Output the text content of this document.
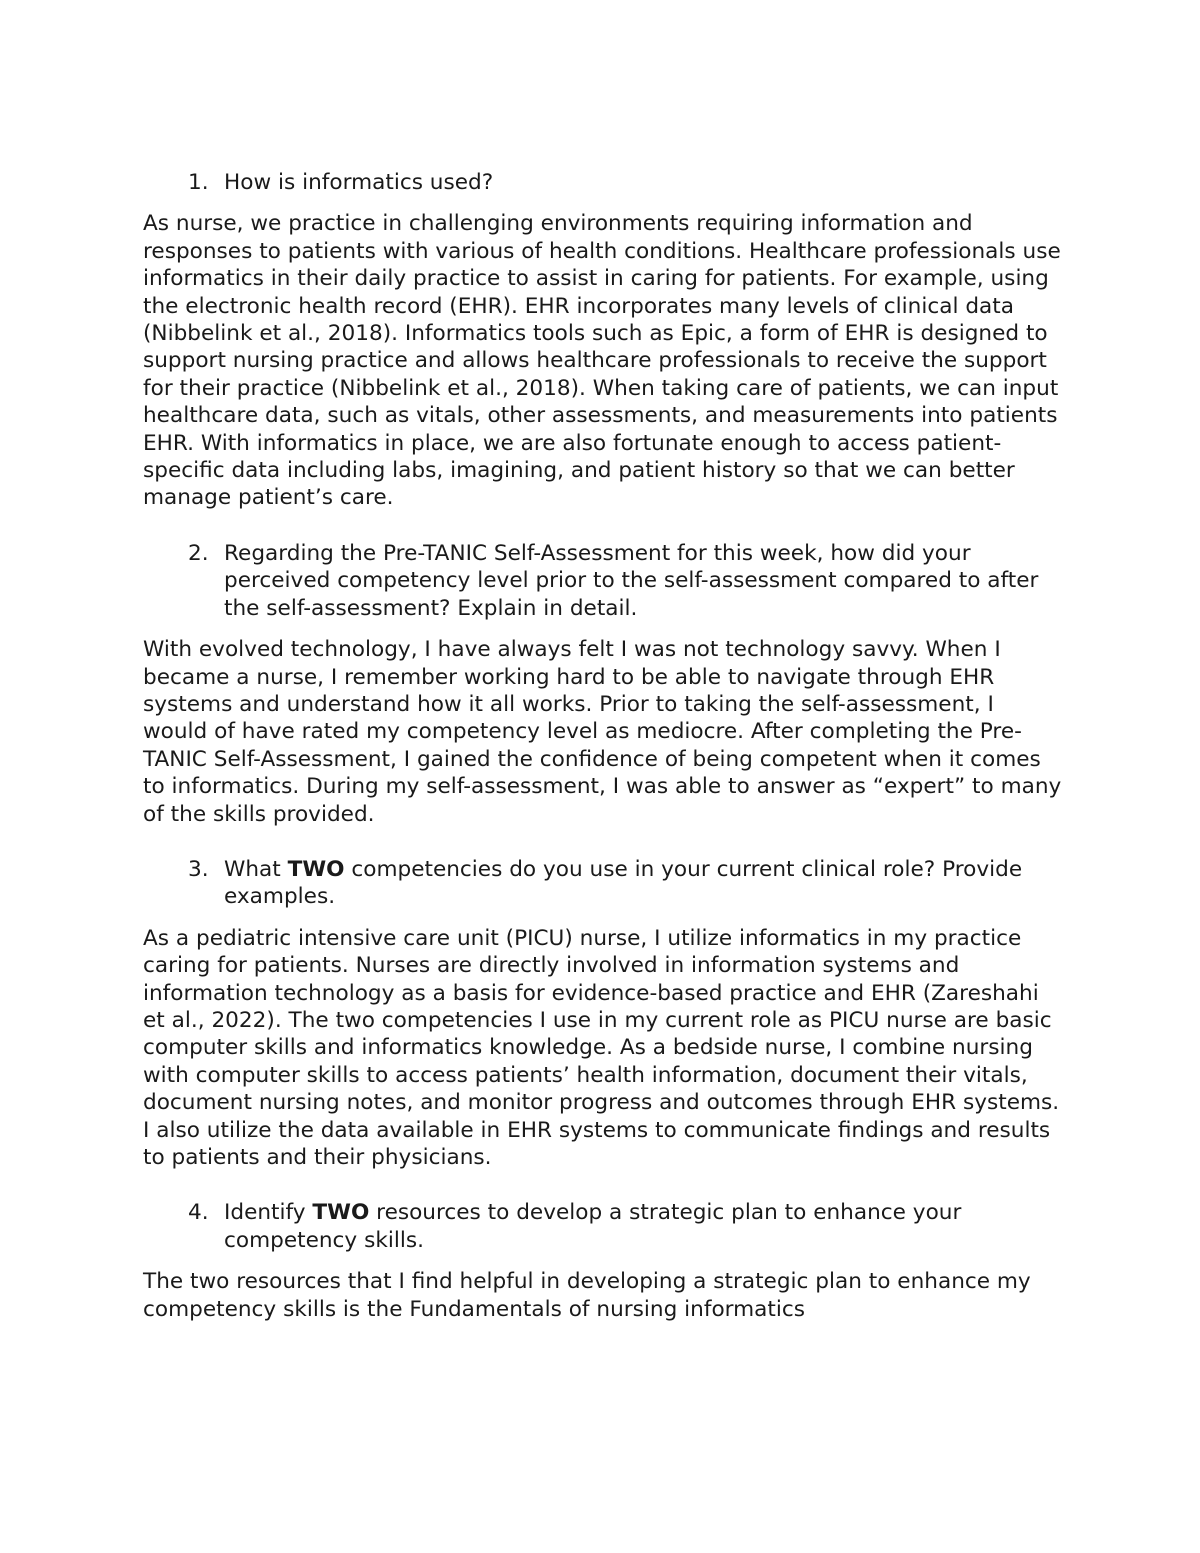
1. How is informatics used?

As nurse, we practice in challenging environments requiring information and responses to patients with various of health conditions. Healthcare professionals use informatics in their daily practice to assist in caring for patients. For example, using the electronic health record (EHR). EHR incorporates many levels of clinical data (Nibbelink et al., 2018). Informatics tools such as Epic, a form of EHR is designed to support nursing practice and allows healthcare professionals to receive the support for their practice (Nibbelink et al., 2018). When taking care of patients, we can input healthcare data, such as vitals, other assessments, and measurements into patients EHR. With informatics in place, we are also fortunate enough to access patient-specific data including labs, imagining, and patient history so that we can better manage patient’s care.

2. Regarding the Pre-TANIC Self-Assessment for this week, how did your perceived competency level prior to the self-assessment compared to after the self-assessment? Explain in detail.

With evolved technology, I have always felt I was not technology savvy. When I became a nurse, I remember working hard to be able to navigate through EHR systems and understand how it all works. Prior to taking the self-assessment, I would of have rated my competency level as mediocre. After completing the Pre-TANIC Self-Assessment, I gained the confidence of being competent when it comes to informatics. During my self-assessment, I was able to answer as “expert” to many of the skills provided.

3. What TWO competencies do you use in your current clinical role? Provide examples.

As a pediatric intensive care unit (PICU) nurse, I utilize informatics in my practice caring for patients. Nurses are directly involved in information systems and information technology as a basis for evidence-based practice and EHR (Zareshahi et al., 2022). The two competencies I use in my current role as PICU nurse are basic computer skills and informatics knowledge. As a bedside nurse, I combine nursing with computer skills to access patients’ health information, document their vitals, document nursing notes, and monitor progress and outcomes through EHR systems. I also utilize the data available in EHR systems to communicate findings and results to patients and their physicians.

4. Identify TWO resources to develop a strategic plan to enhance your competency skills.

The two resources that I find helpful in developing a strategic plan to enhance my competency skills is the Fundamentals of nursing informatics
